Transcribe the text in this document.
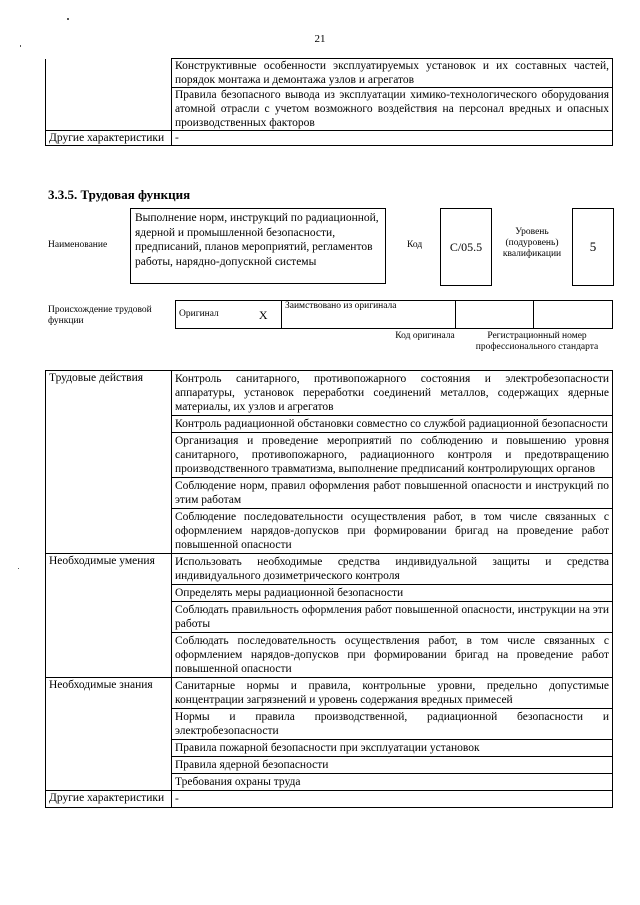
21
	Конструктивные особенности эксплуатируемых установок и их составных частей, порядок монтажа и демонтажа узлов и агрегатов
	Правила безопасного вывода из эксплуатации химико-технологического оборудования атомной отрасли с учетом возможного воздействия на персонал вредных и опасных производственных факторов
Другие характеристики	-
3.3.5. Трудовая функция
Наименование
Выполнение норм, инструкций по радиационной, ядерной и промышленной безопасности, предписаний, планов мероприятий, регламентов работы, нарядно-допускной системы
Код	C/05.5
Уровень (подуровень) квалификации	5
Происхождение трудовой функции
Оригинал	X	Заимствовано из оригинала		
Код оригинала	Регистрационный номер профессионального стандарта
Трудовые действия	Контроль санитарного, противопожарного состояния и электробезопасности аппаратуры, установок переработки соединений металлов, содержащих ядерные материалы, их узлов и агрегатов
	Контроль радиационной обстановки совместно со службой радиационной безопасности
	Организация и проведение мероприятий по соблюдению и повышению уровня санитарного, противопожарного, радиационного контроля и предотвращению производственного травматизма, выполнение предписаний контролирующих органов
	Соблюдение норм, правил оформления работ повышенной опасности и инструкций по этим работам
	Соблюдение последовательности осуществления работ, в том числе связанных с оформлением нарядов-допусков при формировании бригад на проведение работ повышенной опасности
Необходимые умения	Использовать необходимые средства индивидуальной защиты и средства индивидуального дозиметрического контроля
	Определять меры радиационной безопасности
	Соблюдать правильность оформления работ повышенной опасности, инструкции на эти работы
	Соблюдать последовательность осуществления работ, в том числе связанных с оформлением нарядов-допусков при формировании бригад на проведение работ повышенной опасности
Необходимые знания	Санитарные нормы и правила, контрольные уровни, предельно допустимые концентрации загрязнений и уровень содержания вредных примесей
	Нормы и правила производственной, радиационной безопасности и электробезопасности
	Правила пожарной безопасности при эксплуатации установок
	Правила ядерной безопасности
	Требования охраны труда
Другие характеристики	-
